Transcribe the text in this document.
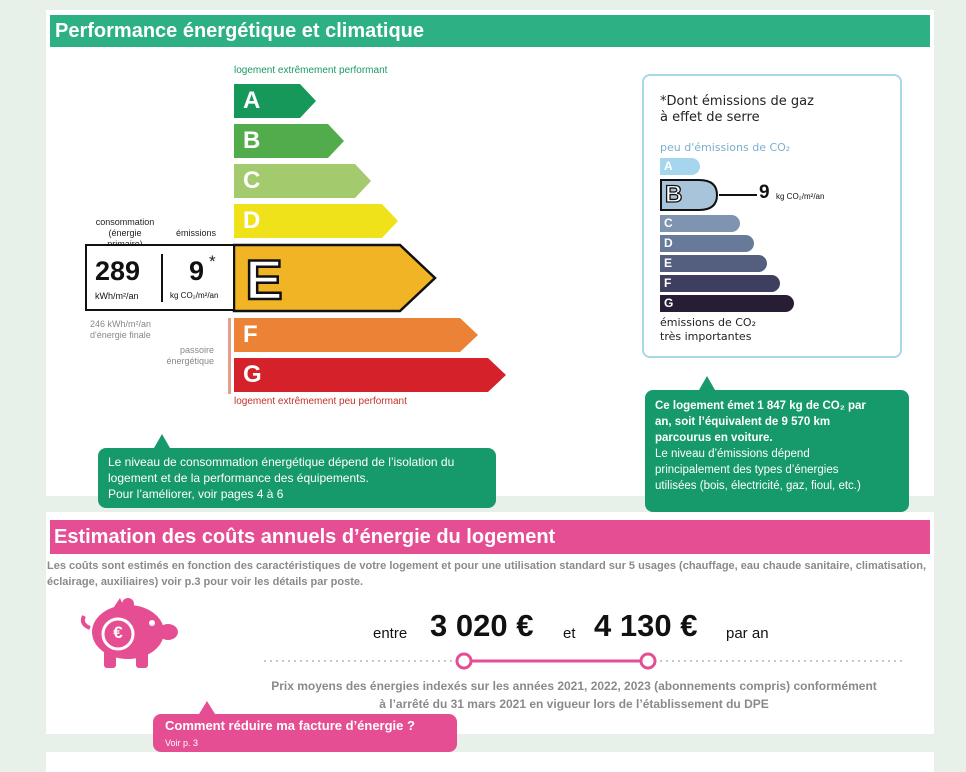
Performance énergétique et climatique
logement extrêmement performant
A
B
C
D
E
F
G
logement extrêmement peu performant
consommation
(énergie	émissions
289
kWh/m²/an
9 *
kg CO₂/m²/an
246 kWh/m²/an
d'énergie finale
passoire
énergétique
Le niveau de consommation énergétique dépend de l’isolation du
logement et de la performance des équipements.
Pour l’améliorer, voir pages 4 à 6
*Dont émissions de gaz
à effet de serre
peu d'émissions de CO₂
A
B	9 kg CO₂/m²/an
C
D
E
F
G
émissions de CO₂
très importantes
Ce logement émet 1 847 kg de CO₂ par
an, soit l’équivalent de 9 570 km
parcourus en voiture.
Le niveau d’émissions dépend
principalement des types d’énergies
utilisées (bois, électricité, gaz, fioul, etc.)
Estimation des coûts annuels d’énergie du logement
Les coûts sont estimés en fonction des caractéristiques de votre logement et pour une utilisation standard sur 5 usages (chauffage, eau chaude sanitaire, climatisation,
éclairage, auxiliaires) voir p.3 pour voir les détails par poste.
€	entre 3 020 € et 4 130 € par an
Prix moyens des énergies indexés sur les années 2021, 2022, 2023 (abonnements compris) conformément
à l’arrêté du 31 mars 2021 en vigueur lors de l’établissement du DPE
Comment réduire ma facture d’énergie ?
Voir p. 3
